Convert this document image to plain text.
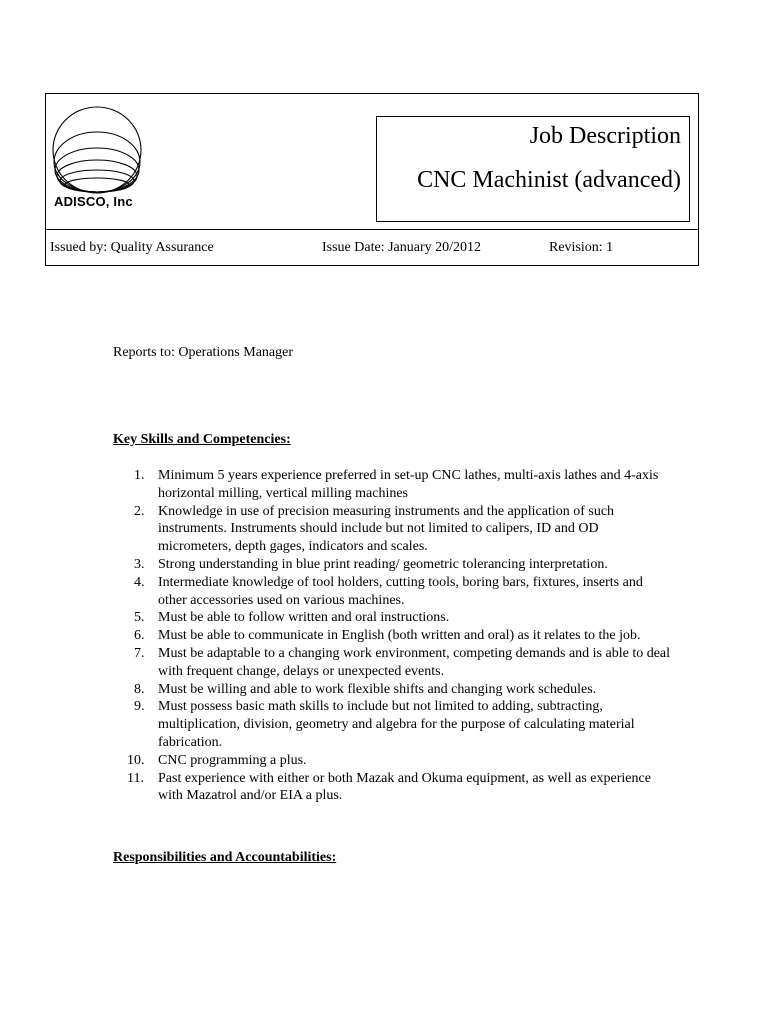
ADISCO, Inc
Job Description
CNC Machinist (advanced)
Issued by: Quality Assurance	Issue Date: January 20/2012	Revision: 1
Reports to: Operations Manager
Key Skills and Competencies:
1. Minimum 5 years experience preferred in set-up CNC lathes, multi-axis lathes and 4-axis horizontal milling, vertical milling machines
2. Knowledge in use of precision measuring instruments and the application of such instruments. Instruments should include but not limited to calipers, ID and OD micrometers, depth gages, indicators and scales.
3. Strong understanding in blue print reading/ geometric tolerancing interpretation.
4. Intermediate knowledge of tool holders, cutting tools, boring bars, fixtures, inserts and other accessories used on various machines.
5. Must be able to follow written and oral instructions.
6. Must be able to communicate in English (both written and oral) as it relates to the job.
7. Must be adaptable to a changing work environment, competing demands and is able to deal with frequent change, delays or unexpected events.
8. Must be willing and able to work flexible shifts and changing work schedules.
9. Must possess basic math skills to include but not limited to adding, subtracting, multiplication, division, geometry and algebra for the purpose of calculating material fabrication.
10. CNC programming a plus.
11.	Past experience with either or both Mazak and Okuma equipment, as well as experience with Mazatrol and/or EIA a plus.
Responsibilities and Accountabilities:
